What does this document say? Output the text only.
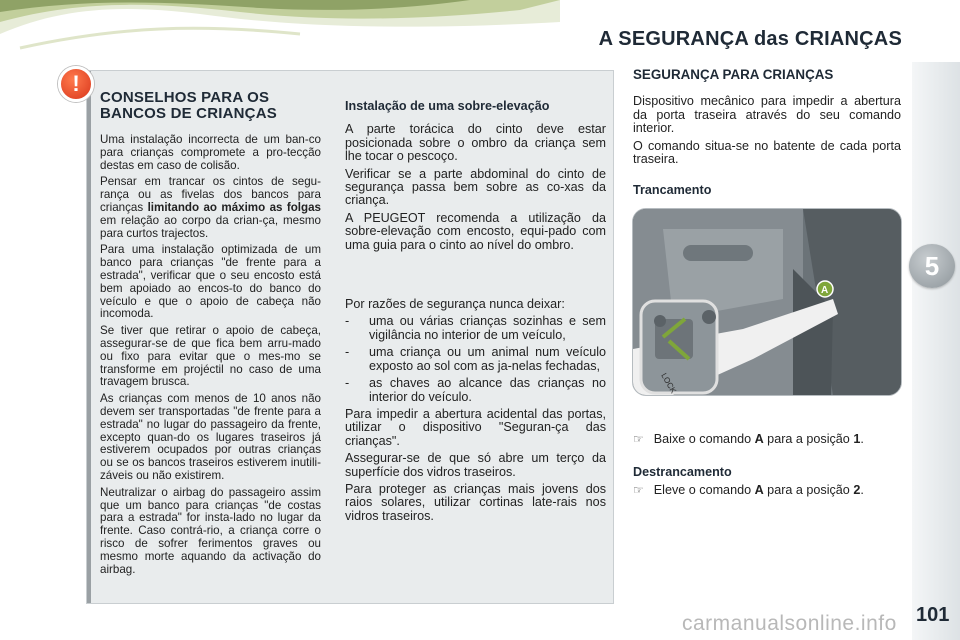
A SEGURANÇA das CRIANÇAS
5
!
CONSELHOS PARA OS
BANCOS DE CRIANÇAS

Uma instalação incorrecta de um ban-co para crianças compromete a pro-tecção destas em caso de colisão.

Pensar em trancar os cintos de segu-rança ou as fivelas dos bancos para crianças limitando ao máximo as folgas em relação ao corpo da crian-ça, mesmo para curtos trajectos.

Para uma instalação optimizada de um banco para crianças "de frente para a estrada", verificar que o seu encosto está bem apoiado ao encos-to do banco do veículo e que o apoio de cabeça não incomoda.

Se tiver que retirar o apoio de cabeça, assegurar-se de que fica bem arru-mado ou fixo para evitar que o mes-mo se transforme em projéctil no caso de uma travagem brusca.

As crianças com menos de 10 anos não devem ser transportadas "de frente para a estrada" no lugar do passageiro da frente, excepto quan-do os lugares traseiros já estiverem ocupados por outras crianças ou se os bancos traseiros estiverem inutili-záveis ou não existirem.

Neutralizar o airbag do passageiro assim que um banco para crianças "de costas para a estrada" for insta-lado no lugar da frente. Caso contrá-rio, a criança corre o risco de sofrer ferimentos graves ou mesmo morte aquando da activação do airbag.

Instalação de uma sobre-elevação

A parte torácica do cinto deve estar posicionada sobre o ombro da criança sem lhe tocar o pescoço.

Verificar se a parte abdominal do cinto de segurança passa bem sobre as co-xas da criança.

A PEUGEOT recomenda a utilização da sobre-elevação com encosto, equi-pado com uma guia para o cinto ao nível do ombro.

Por razões de segurança nunca deixar:

- uma ou várias crianças sozinhas e sem vigilância no interior de um veículo,
- uma criança ou um animal num veículo exposto ao sol com as ja-nelas fechadas,
- as chaves ao alcance das crianças no interior do veículo.

Para impedir a abertura acidental das portas, utilizar o dispositivo "Seguran-ça das crianças".

Assegurar-se de que só abre um terço da superfície dos vidros traseiros.

Para proteger as crianças mais jovens dos raios solares, utilizar cortinas late-rais nos vidros traseiros.

SEGURANÇA PARA CRIANÇAS

Dispositivo mecânico para impedir a abertura da porta traseira através do seu comando interior.

O comando situa-se no batente de cada porta traseira.

Trancamento
LOCK
A

☞ Baixe o comando A para a posição 1.

Destrancamento

☞ Eleve o comando A para a posição 2.

carmanualsonline.info 101
